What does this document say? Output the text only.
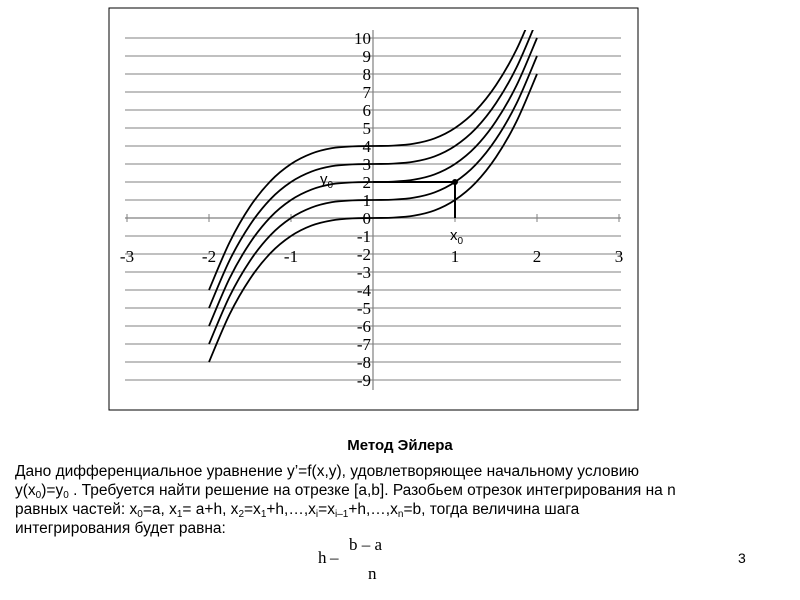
10
9
8
7
6
5
4
3
2
1
0
-1
-2
-3
-4
-5
-6
-7
-8
-9
-3	-2	-1	1	2	3
$y_0$
$x_0$
Метод Эйлера
Дано дифференциальное уравнение y’=f(x,y), удовлетворяющее начальному условию
$y(x_0)=y_0$ . Требуется найти решение на отрезке [a,b]. Разобьем отрезок интегрирования на n
равных частей: $x_0=a$, $x_1= a+h$, $x_2=x_1+h,\dots,x_i=x_{i-1}+h,\dots,x_n=b$, тогда величина шага
интегрирования будет равна:
h –
b – a
n
3
